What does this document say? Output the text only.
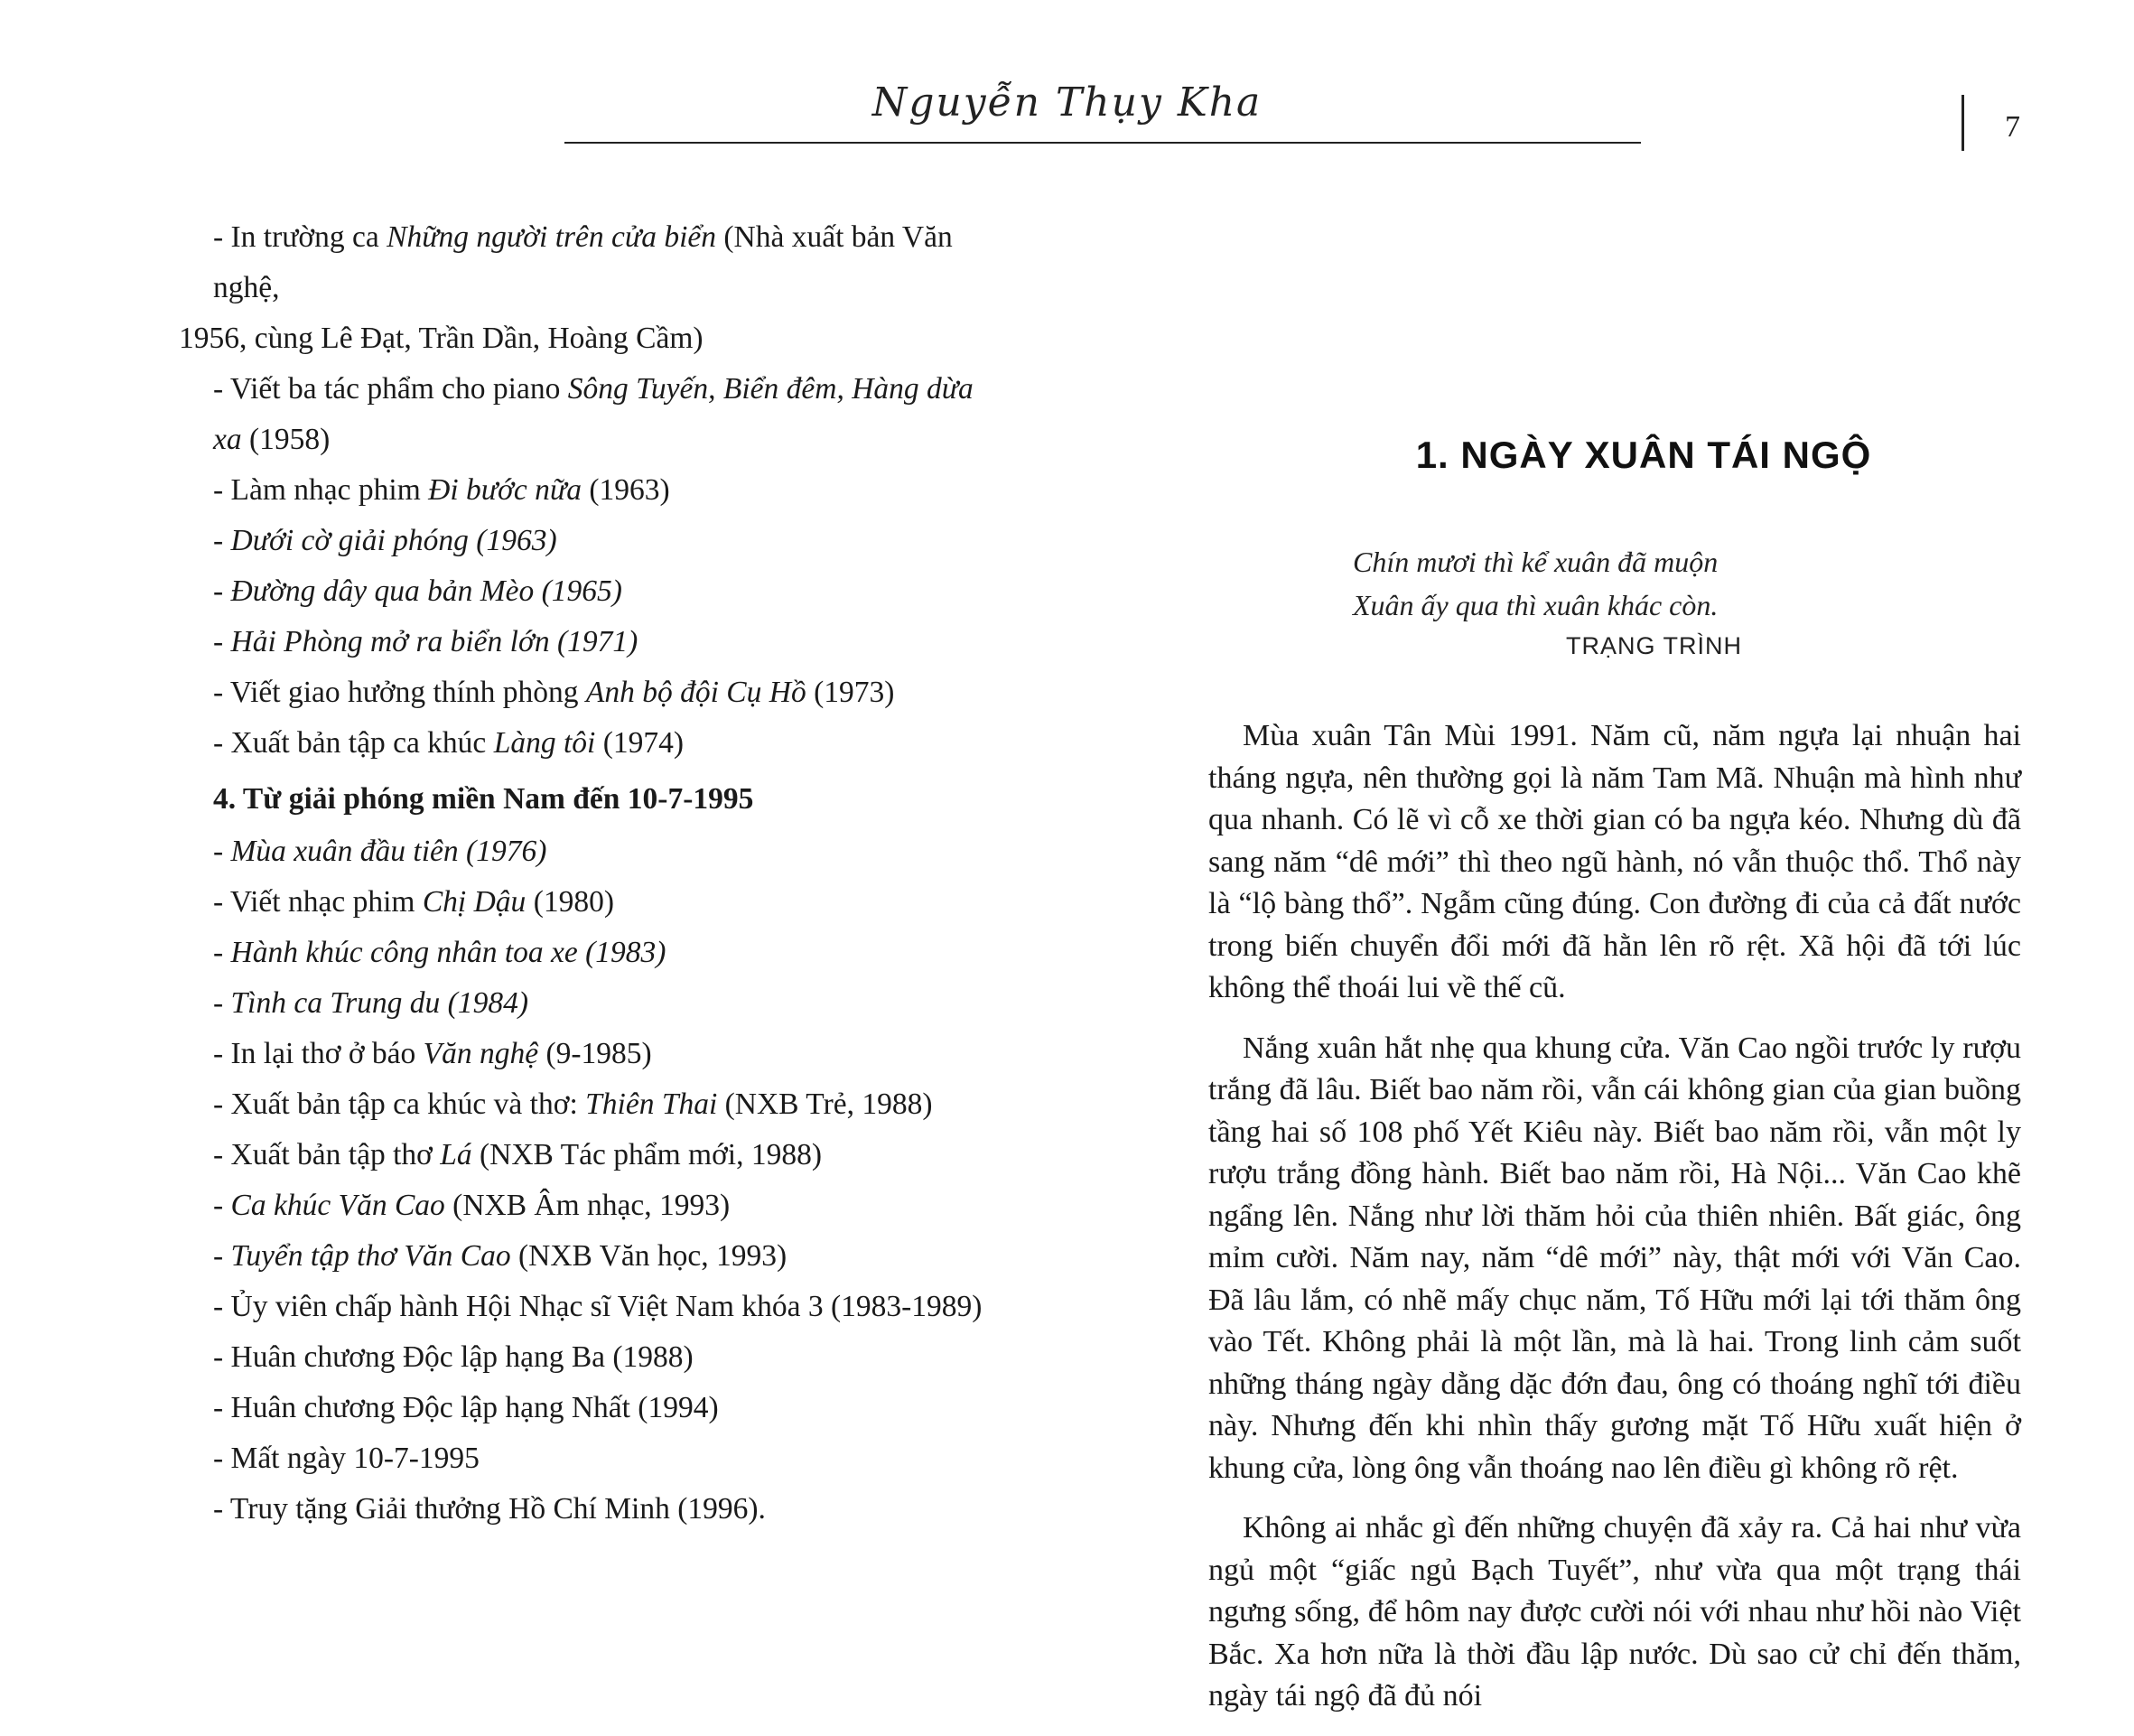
Nguyễn Thụy Kha
7

- In trường ca Những người trên cửa biển (Nhà xuất bản Văn nghệ,

1956, cùng Lê Đạt, Trần Dần, Hoàng Cầm)

- Viết ba tác phẩm cho piano Sông Tuyến, Biển đêm, Hàng dừa xa (1958)

- Làm nhạc phim Đi bước nữa (1963)

- Dưới cờ giải phóng (1963)

- Đường dây qua bản Mèo (1965)

- Hải Phòng mở ra biển lớn (1971)

- Viết giao hưởng thính phòng Anh bộ đội Cụ Hồ (1973)

- Xuất bản tập ca khúc Làng tôi (1974)

4. Từ giải phóng miền Nam đến 10-7-1995

- Mùa xuân đầu tiên (1976)

- Viết nhạc phim Chị Dậu (1980)

- Hành khúc công nhân toa xe (1983)

- Tình ca Trung du (1984)

- In lại thơ ở báo Văn nghệ (9-1985)

- Xuất bản tập ca khúc và thơ: Thiên Thai (NXB Trẻ, 1988)

- Xuất bản tập thơ Lá (NXB Tác phẩm mới, 1988)

- Ca khúc Văn Cao (NXB Âm nhạc, 1993)

- Tuyển tập thơ Văn Cao (NXB Văn học, 1993)

- Ủy viên chấp hành Hội Nhạc sĩ Việt Nam khóa 3 (1983-1989)

- Huân chương Độc lập hạng Ba (1988)

- Huân chương Độc lập hạng Nhất (1994)

- Mất ngày 10-7-1995

- Truy tặng Giải thưởng Hồ Chí Minh (1996).

1. NGÀY XUÂN TÁI NGỘ
Chín mươi thì kể xuân đã muộn
Xuân ấy qua thì xuân khác còn.
TRẠNG TRÌNH

Mùa xuân Tân Mùi 1991. Năm cũ, năm ngựa lại nhuận hai tháng ngựa, nên thường gọi là năm Tam Mã. Nhuận mà hình như qua nhanh. Có lẽ vì cỗ xe thời gian có ba ngựa kéo. Nhưng dù đã sang năm “dê mới” thì theo ngũ hành, nó vẫn thuộc thổ. Thổ này là “lộ bàng thổ”. Ngẫm cũng đúng. Con đường đi của cả đất nước trong biến chuyển đổi mới đã hằn lên rõ rệt. Xã hội đã tới lúc không thể thoái lui về thế cũ.

Nắng xuân hắt nhẹ qua khung cửa. Văn Cao ngồi trước ly rượu trắng đã lâu. Biết bao năm rồi, vẫn cái không gian của gian buồng tầng hai số 108 phố Yết Kiêu này. Biết bao năm rồi, vẫn một ly rượu trắng đồng hành. Biết bao năm rồi, Hà Nội... Văn Cao khẽ ngẩng lên. Nắng như lời thăm hỏi của thiên nhiên. Bất giác, ông mỉm cười. Năm nay, năm “dê mới” này, thật mới với Văn Cao. Đã lâu lắm, có nhẽ mấy chục năm, Tố Hữu mới lại tới thăm ông vào Tết. Không phải là một lần, mà là hai. Trong linh cảm suốt những tháng ngày dằng dặc đớn đau, ông có thoáng nghĩ tới điều này. Nhưng đến khi nhìn thấy gương mặt Tố Hữu xuất hiện ở khung cửa, lòng ông vẫn thoáng nao lên điều gì không rõ rệt.

Không ai nhắc gì đến những chuyện đã xảy ra. Cả hai như vừa ngủ một “giấc ngủ Bạch Tuyết”, như vừa qua một trạng thái ngưng sống, để hôm nay được cười nói với nhau như hồi nào Việt Bắc. Xa hơn nữa là thời đầu lập nước. Dù sao cử chỉ đến thăm, ngày tái ngộ đã đủ nói
